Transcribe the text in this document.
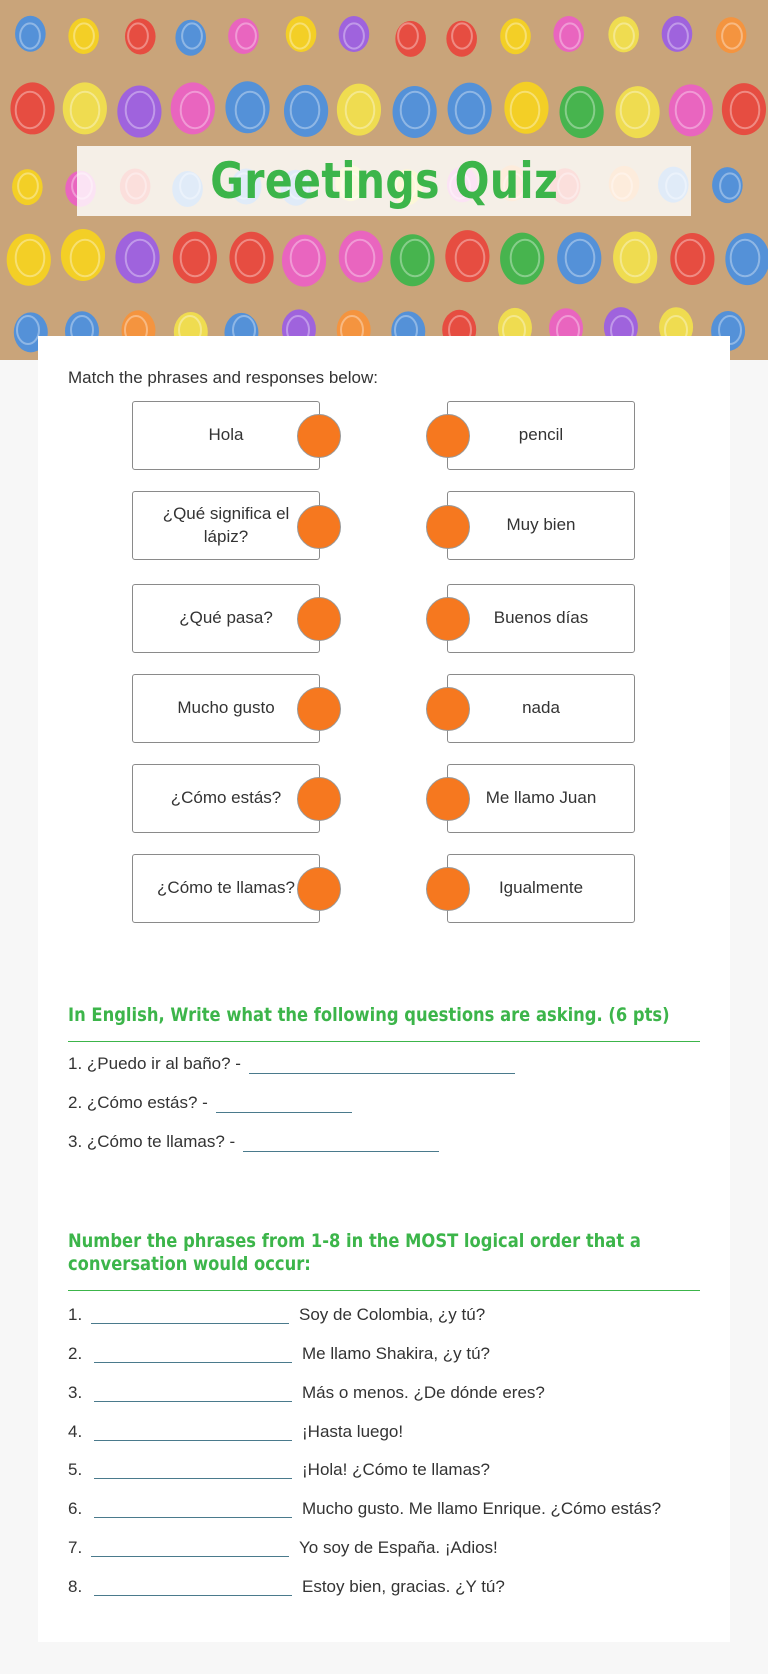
Greetings Quiz
Match the phrases and responses below:
Hola
¿Qué significa el lápiz?
¿Qué pasa?
Mucho gusto
¿Cómo estás?
¿Cómo te llamas?
pencil
Muy bien
Buenos días
nada
Me llamo Juan
Igualmente
In English, Write what the following questions are asking. (6 pts)
1. ¿Puedo ir al baño? -
2. ¿Cómo estás? -
3. ¿Cómo te llamas? -
Number the phrases from 1-8 in the MOST logical order that a conversation would occur:
1.	Soy de Colombia, ¿y tú?
2.	Me llamo Shakira, ¿y tú?
3.	Más o menos. ¿De dónde eres?
4.	¡Hasta luego!
5.	¡Hola! ¿Cómo te llamas?
6.	Mucho gusto. Me llamo Enrique. ¿Cómo estás?
7.	Yo soy de España. ¡Adios!
8.	Estoy bien, gracias. ¿Y tú?
